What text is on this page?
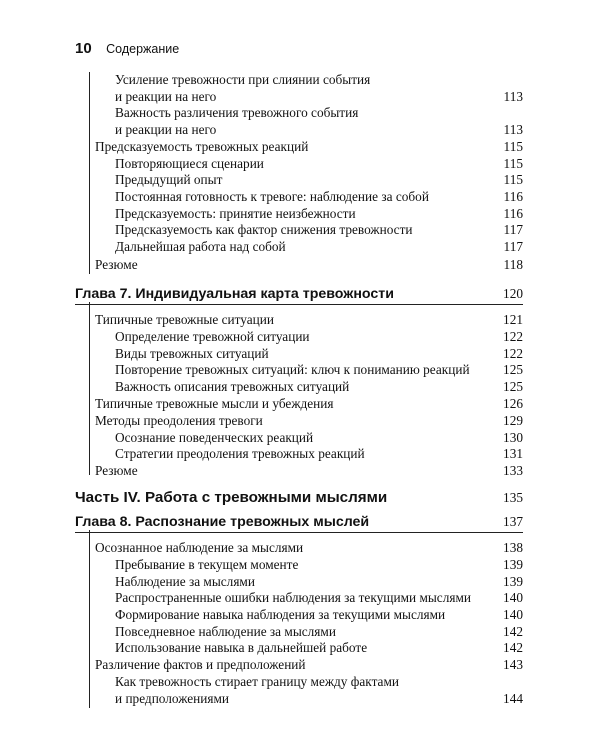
10 Содержание
Усиление тревожности при слиянии события
и реакции на него	113
Важность различения тревожного события
и реакции на него	113
Предсказуемость тревожных реакций	115
Повторяющиеся сценарии	115
Предыдущий опыт	115
Постоянная готовность к тревоге: наблюдение за собой	116
Предсказуемость: принятие неизбежности	116
Предсказуемость как фактор снижения тревожности	117
Дальнейшая работа над собой	117
Резюме	118
Глава 7. Индивидуальная карта тревожности	120
Типичные тревожные ситуации	121
Определение тревожной ситуации	122
Виды тревожных ситуаций	122
Повторение тревожных ситуаций: ключ к пониманию реакций	125
Важность описания тревожных ситуаций	125
Типичные тревожные мысли и убеждения	126
Методы преодоления тревоги	129
Осознание поведенческих реакций	130
Стратегии преодоления тревожных реакций	131
Резюме	133
Часть IV. Работа с тревожными мыслями	135
Глава 8. Распознание тревожных мыслей	137
Осознанное наблюдение за мыслями	138
Пребывание в текущем моменте	139
Наблюдение за мыслями	139
Распространенные ошибки наблюдения за текущими мыслями 140
Формирование навыка наблюдения за текущими мыслями	140
Повседневное наблюдение за мыслями	142
Использование навыка в дальнейшей работе	142
Различение фактов и предположений	143
Как тревожность стирает границу между фактами
и предположениями	144
